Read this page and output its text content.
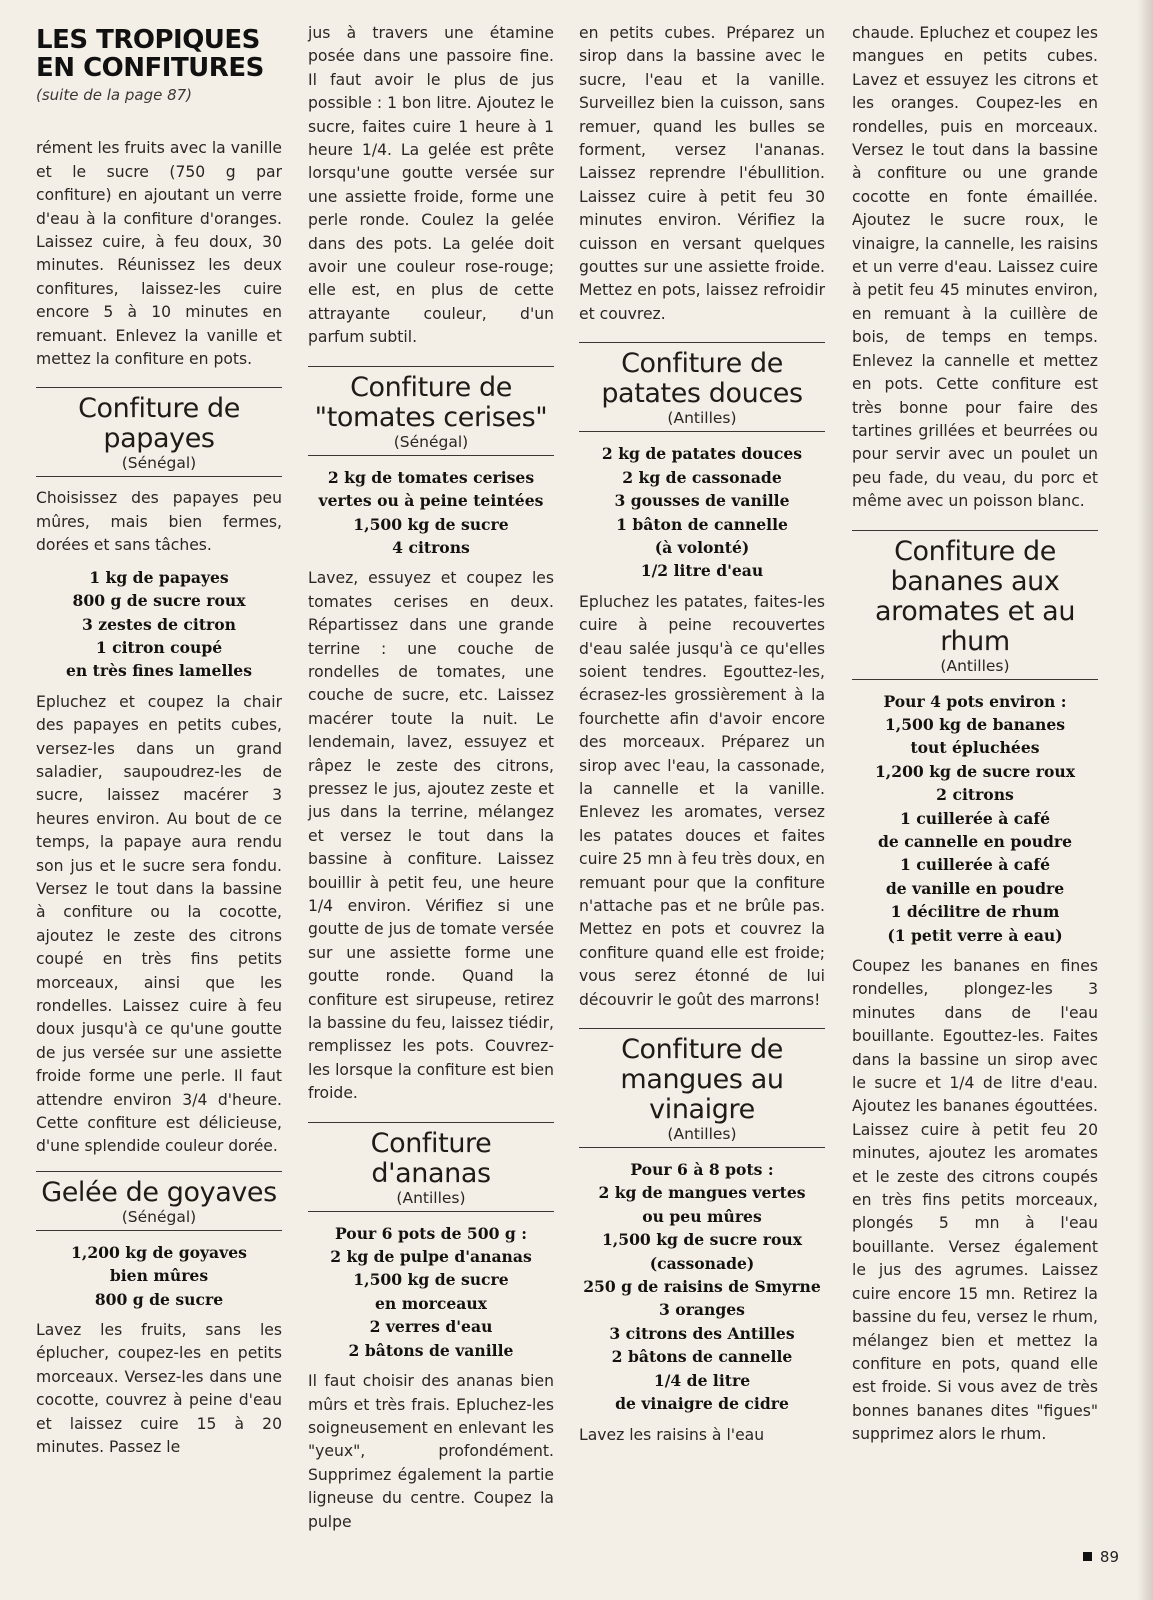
LES TROPIQUES EN CONFITURES
(suite de la page 87)

rément les fruits avec la vanille et le sucre (750 g par confiture) en ajoutant un verre d'eau à la confiture d'oranges. Laissez cuire, à feu doux, 30 minutes. Réunissez les deux confitures, laissez-les cuire encore 5 à 10 minutes en remuant. Enlevez la vanille et mettez la confiture en pots.

Confiture de papayes
(Sénégal)

Choisissez des papayes peu mûres, mais bien fermes, dorées et sans tâches.

1 kg de papayes
800 g de sucre roux
3 zestes de citron
1 citron coupé
en très fines lamelles

Epluchez et coupez la chair des papayes en petits cubes, versez-les dans un grand saladier, saupoudrez-les de sucre, laissez macérer 3 heures environ. Au bout de ce temps, la papaye aura rendu son jus et le sucre sera fondu. Versez le tout dans la bassine à confiture ou la cocotte, ajoutez le zeste des citrons coupé en très fins petits morceaux, ainsi que les rondelles. Laissez cuire à feu doux jusqu'à ce qu'une goutte de jus versée sur une assiette froide forme une perle. Il faut attendre environ 3/4 d'heure. Cette confiture est délicieuse, d'une splendide couleur dorée.

Gelée de goyaves
(Sénégal)
1,200 kg de goyaves
bien mûres
800 g de sucre

Lavez les fruits, sans les éplucher, coupez-les en petits morceaux. Versez-les dans une cocotte, couvrez à peine d'eau et laissez cuire 15 à 20 minutes. Passez le

jus à travers une étamine posée dans une passoire fine. Il faut avoir le plus de jus possible : 1 bon litre. Ajoutez le sucre, faites cuire 1 heure à 1 heure 1/4. La gelée est prête lorsqu'une goutte versée sur une assiette froide, forme une perle ronde. Coulez la gelée dans des pots. La gelée doit avoir une couleur rose-rouge; elle est, en plus de cette attrayante couleur, d'un parfum subtil.

Confiture de "tomates cerises"
(Sénégal)
2 kg de tomates cerises
vertes ou à peine teintées
1,500 kg de sucre
4 citrons

Lavez, essuyez et coupez les tomates cerises en deux. Répartissez dans une grande terrine : une couche de rondelles de tomates, une couche de sucre, etc. Laissez macérer toute la nuit. Le lendemain, lavez, essuyez et râpez le zeste des citrons, pressez le jus, ajoutez zeste et jus dans la terrine, mélangez et versez le tout dans la bassine à confiture. Laissez bouillir à petit feu, une heure 1/4 environ. Vérifiez si une goutte de jus de tomate versée sur une assiette forme une goutte ronde. Quand la confiture est sirupeuse, retirez la bassine du feu, laissez tiédir, remplissez les pots. Couvrez-les lorsque la confiture est bien froide.

Confiture d'ananas
(Antilles)
Pour 6 pots de 500 g :
2 kg de pulpe d'ananas
1,500 kg de sucre
en morceaux
2 verres d'eau
2 bâtons de vanille

Il faut choisir des ananas bien mûrs et très frais. Epluchez-les soigneusement en enlevant les "yeux", profondément. Supprimez également la partie ligneuse du centre. Coupez la pulpe

en petits cubes. Préparez un sirop dans la bassine avec le sucre, l'eau et la vanille. Surveillez bien la cuisson, sans remuer, quand les bulles se forment, versez l'ananas. Laissez reprendre l'ébullition. Laissez cuire à petit feu 30 minutes environ. Vérifiez la cuisson en versant quelques gouttes sur une assiette froide. Mettez en pots, laissez refroidir et couvrez.

Confiture de patates douces
(Antilles)
2 kg de patates douces
2 kg de cassonade
3 gousses de vanille
1 bâton de cannelle
(à volonté)
1/2 litre d'eau

Epluchez les patates, faites-les cuire à peine recouvertes d'eau salée jusqu'à ce qu'elles soient tendres. Egouttez-les, écrasez-les grossièrement à la fourchette afin d'avoir encore des morceaux. Préparez un sirop avec l'eau, la cassonade, la cannelle et la vanille. Enlevez les aromates, versez les patates douces et faites cuire 25 mn à feu très doux, en remuant pour que la confiture n'attache pas et ne brûle pas. Mettez en pots et couvrez la confiture quand elle est froide; vous serez étonné de lui découvrir le goût des marrons!

Confiture de mangues au vinaigre
(Antilles)
Pour 6 à 8 pots :
2 kg de mangues vertes
ou peu mûres
1,500 kg de sucre roux
(cassonade)
250 g de raisins de Smyrne
3 oranges
3 citrons des Antilles
2 bâtons de cannelle
1/4 de litre
de vinaigre de cidre

Lavez les raisins à l'eau

chaude. Epluchez et coupez les mangues en petits cubes. Lavez et essuyez les citrons et les oranges. Coupez-les en rondelles, puis en morceaux. Versez le tout dans la bassine à confiture ou une grande cocotte en fonte émaillée. Ajoutez le sucre roux, le vinaigre, la cannelle, les raisins et un verre d'eau. Laissez cuire à petit feu 45 minutes environ, en remuant à la cuillère de bois, de temps en temps. Enlevez la cannelle et mettez en pots. Cette confiture est très bonne pour faire des tartines grillées et beurrées ou pour servir avec un poulet un peu fade, du veau, du porc et même avec un poisson blanc.

Confiture de bananes aux aromates et au rhum
(Antilles)
Pour 4 pots environ :
1,500 kg de bananes
tout épluchées
1,200 kg de sucre roux
2 citrons
1 cuillerée à café
de cannelle en poudre
1 cuillerée à café
de vanille en poudre
1 décilitre de rhum
(1 petit verre à eau)

Coupez les bananes en fines rondelles, plongez-les 3 minutes dans de l'eau bouillante. Egouttez-les. Faites dans la bassine un sirop avec le sucre et 1/4 de litre d'eau. Ajoutez les bananes égouttées. Laissez cuire à petit feu 20 minutes, ajoutez les aromates et le zeste des citrons coupés en très fins petits morceaux, plongés 5 mn à l'eau bouillante. Versez également le jus des agrumes. Laissez cuire encore 15 mn. Retirez la bassine du feu, versez le rhum, mélangez bien et mettez la confiture en pots, quand elle est froide. Si vous avez de très bonnes bananes dites "figues" supprimez alors le rhum.

89
